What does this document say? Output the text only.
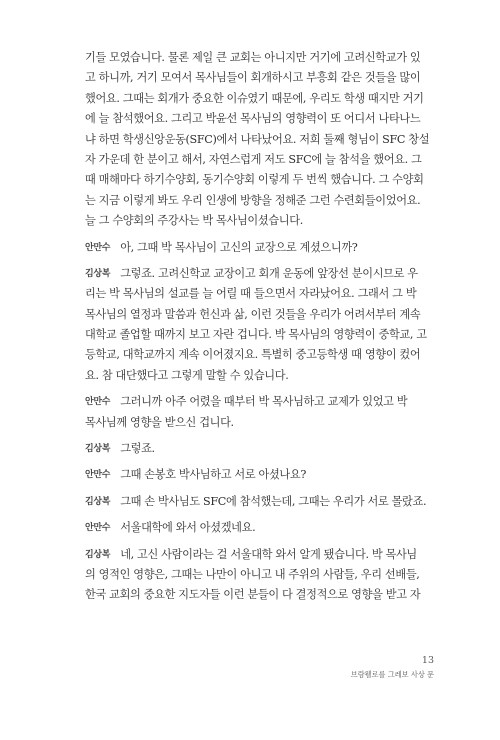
기들 모였습니다. 물론 제일 큰 교회는 아니지만 거기에 고려신학교가 있
고 하니까, 거기 모여서 목사님들이 회개하시고 부흥회 같은 것들을 많이
했어요. 그때는 회개가 중요한 이슈였기 때문에, 우리도 학생 때지만 거기
에 늘 참석했어요. 그리고 박윤선 목사님의 영향력이 또 어디서 나타나느
냐 하면 학생신앙운동(SFC)에서 나타났어요. 저희 둘째 형님이 SFC 창설
자 가운데 한 분이고 해서, 자연스럽게 저도 SFC에 늘 참석을 했어요. 그
때 매해마다 하기수양회, 동기수양회 이렇게 두 번씩 했습니다. 그 수양회
는 지금 이렇게 봐도 우리 인생에 방향을 정해준 그런 수련회들이었어요.
늘 그 수양회의 주강사는 박 목사님이셨습니다.
안만수 아, 그때 박 목사님이 고신의 교장으로 계셨으니까?
김상복 그렇죠. 고려신학교 교장이고 회개 운동에 앞장선 분이시므로 우
리는 박 목사님의 설교를 늘 어릴 때 들으면서 자라났어요. 그래서 그 박
목사님의 열정과 말씀과 헌신과 삶, 이런 것들을 우리가 어려서부터 계속
대학교 졸업할 때까지 보고 자란 겁니다. 박 목사님의 영향력이 중학교, 고
등학교, 대학교까지 계속 이어졌지요. 특별히 중고등학생 때 영향이 컸어
요. 참 대단했다고 그렇게 말할 수 있습니다.
안만수 그러니까 아주 어렸을 때부터 박 목사님하고 교제가 있었고 박
목사님께 영향을 받으신 겁니다.
김상복 그렇죠.
안만수 그때 손봉호 박사님하고 서로 아셨나요?
김상복 그때 손 박사님도 SFC에 참석했는데, 그때는 우리가 서로 몰랐죠.
안만수 서울대학에 와서 아셨겠네요.
김상복 네, 고신 사람이라는 걸 서울대학 와서 알게 됐습니다. 박 목사님
의 영적인 영향은, 그때는 나만이 아니고 내 주위의 사람들, 우리 선배들,
한국 교회의 중요한 지도자들 이런 분들이 다 결정적으로 영향을 받고 자
13
브람웰로를 그레보 사상 문
